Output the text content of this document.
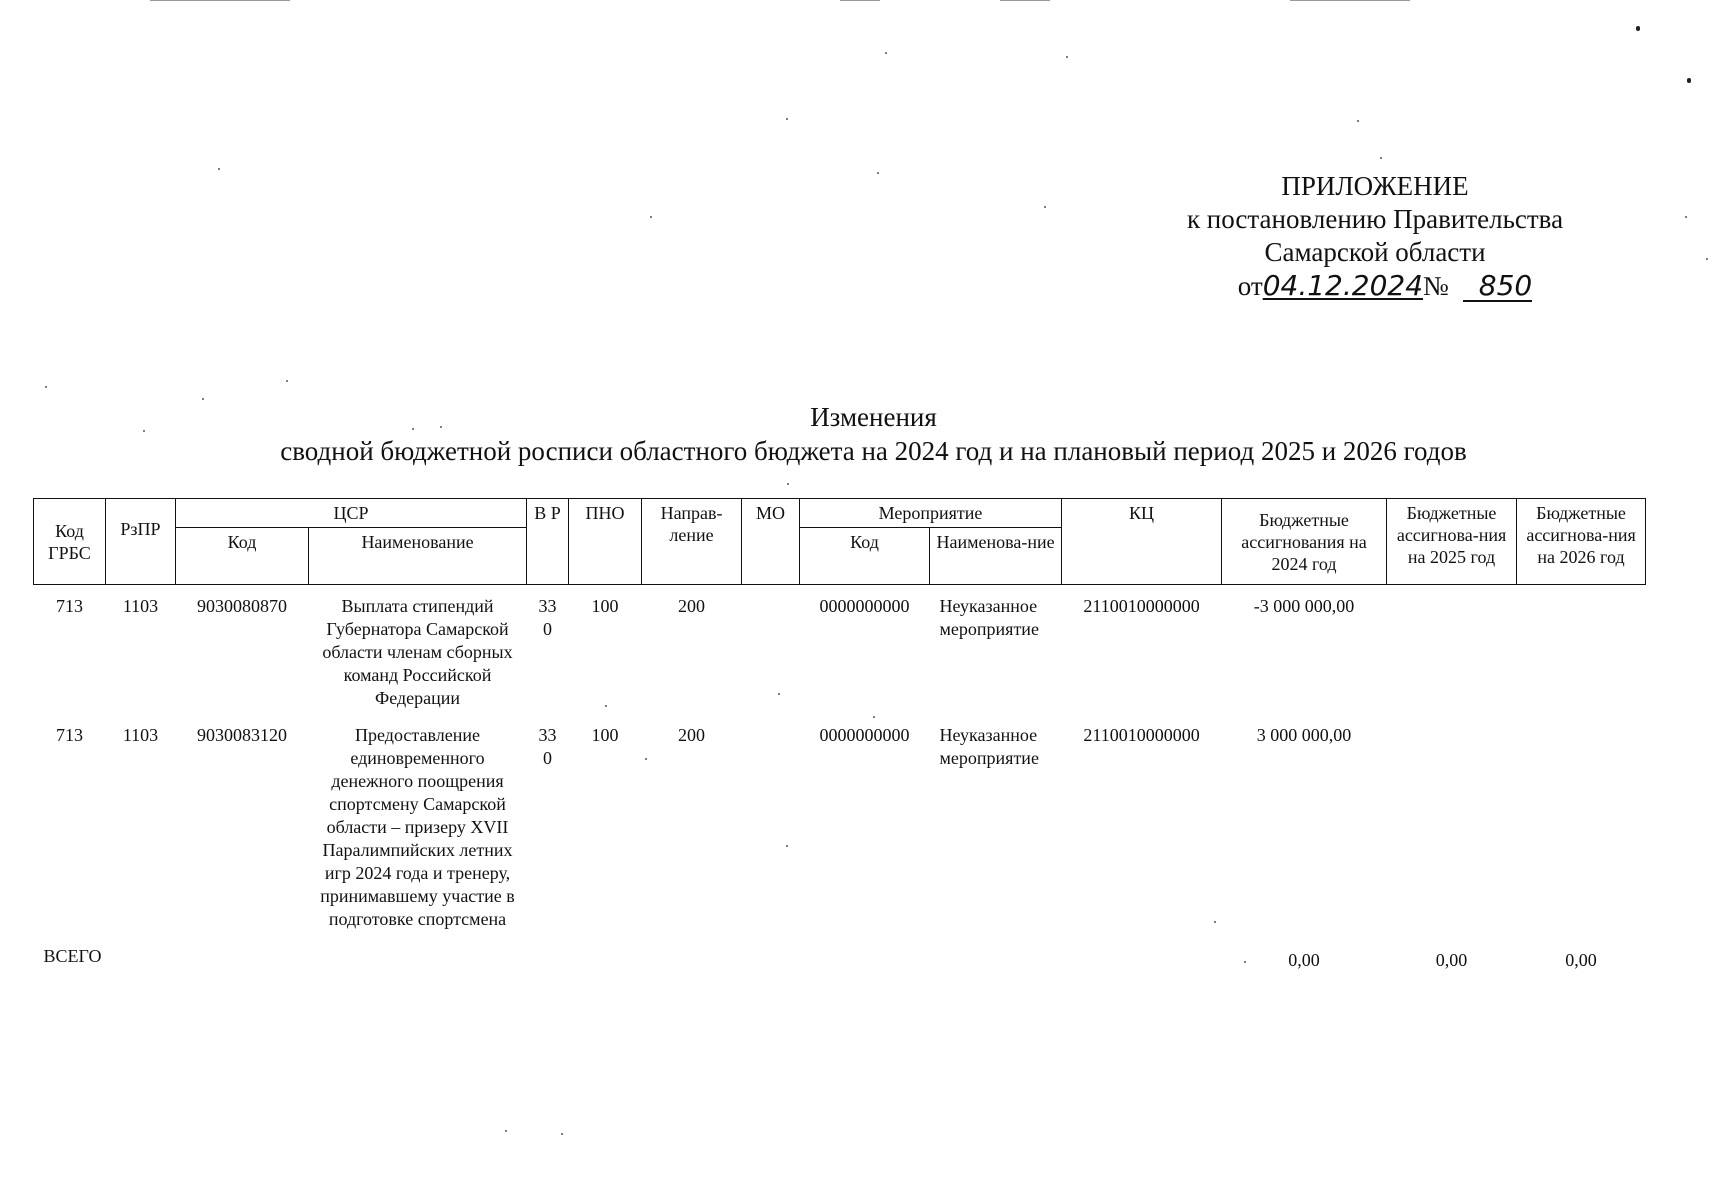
ПРИЛОЖЕНИЕ
к постановлению Правительства
Самарской области
от 04.12.2024 №	850
Изменения
сводной бюджетной росписи областного бюджета на 2024 год и на плановый период 2025 и 2026 годов
Код ГРБС	РзПР	ЦСР		В Р	ПНО	Направ-ление	МО	Мероприятие		КЦ	Бюджетные ассигнования на 2024 год	Бюджетные ассигнова-ния на 2025 год	Бюджетные ассигнова-ния на 2026 год
		Код	Наименование					Код	Наименова-ние				
713	1103	9030080870	Выплата стипендий Губернатора Самарской области членам сборных команд Российской Федерации	330	100	200		0000000000	Неуказанное мероприятие	2110010000000	-3 000 000,00		
713	1103	9030083120	Предоставление единовременного денежного поощрения спортсмену Самарской области – призеру XVII Паралимпийских летних игр 2024 года и тренеру, принимавшему участие в подготовке спортсмена	330	100	200		0000000000	Неуказанное мероприятие	2110010000000	3 000 000,00		
ВСЕГО											0,00	0,00	0,00
